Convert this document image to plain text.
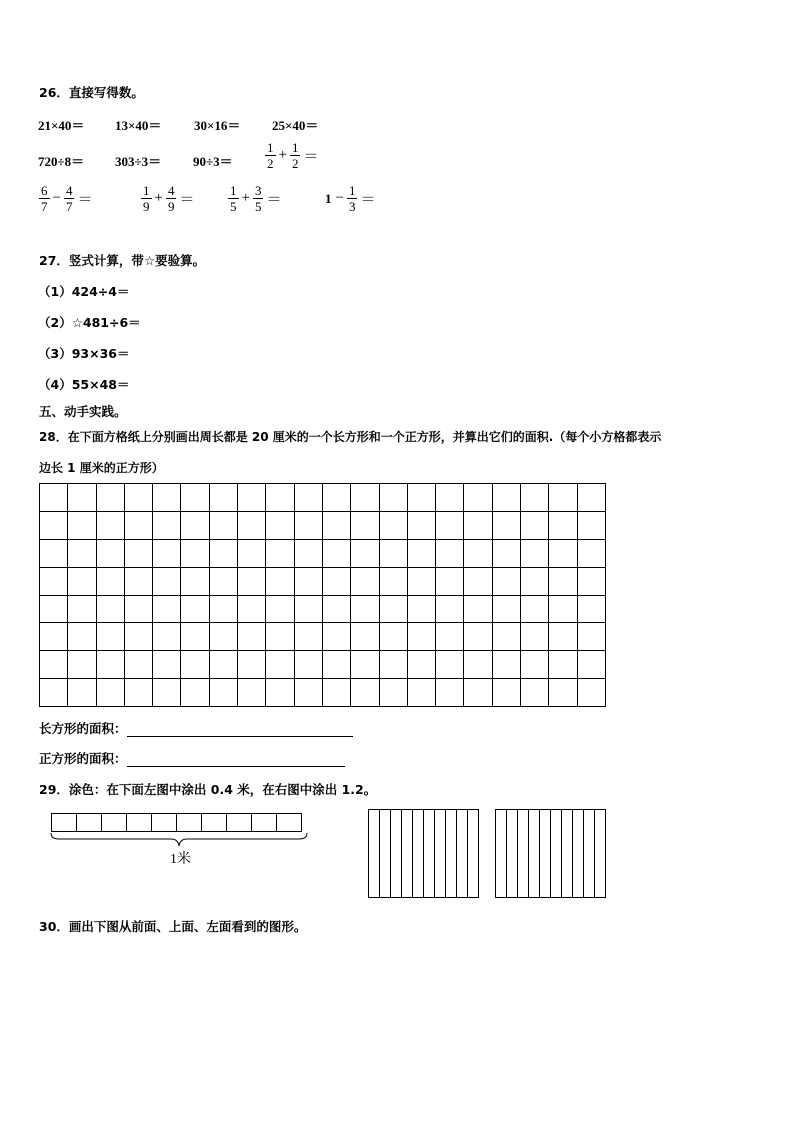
26．直接写得数。
21×40＝ 13×40＝	30×16＝ 25×40＝
$720\div 8= 303\div 3= 90\div 3= \frac{1}{2} + \frac{1}{2}$ ＝
$\frac{6}{7} - \frac{4}{7}$ ＝	$\frac{1}{9} + \frac{4}{9}$ ＝	$\frac{1}{5} + \frac{3}{5}$ ＝	$1 - \frac{1}{3}$ ＝
27．竖式计算，带☆要验算。
（1）424÷4＝
（2）☆481÷6＝
（3）93×36＝
（4）55×48＝
五、动手实践。
28．在下面方格纸上分别画出周长都是 20 厘米的一个长方形和一个正方形，并算出它们的面积.（每个小方格都表示
边长 1 厘米的正方形）

长方形的面积：
正方形的面积：
29．涂色：在下面左图中涂出 0.4 米，在右图中涂出 1.2。

1米
30．画出下图从前面、上面、左面看到的图形。
